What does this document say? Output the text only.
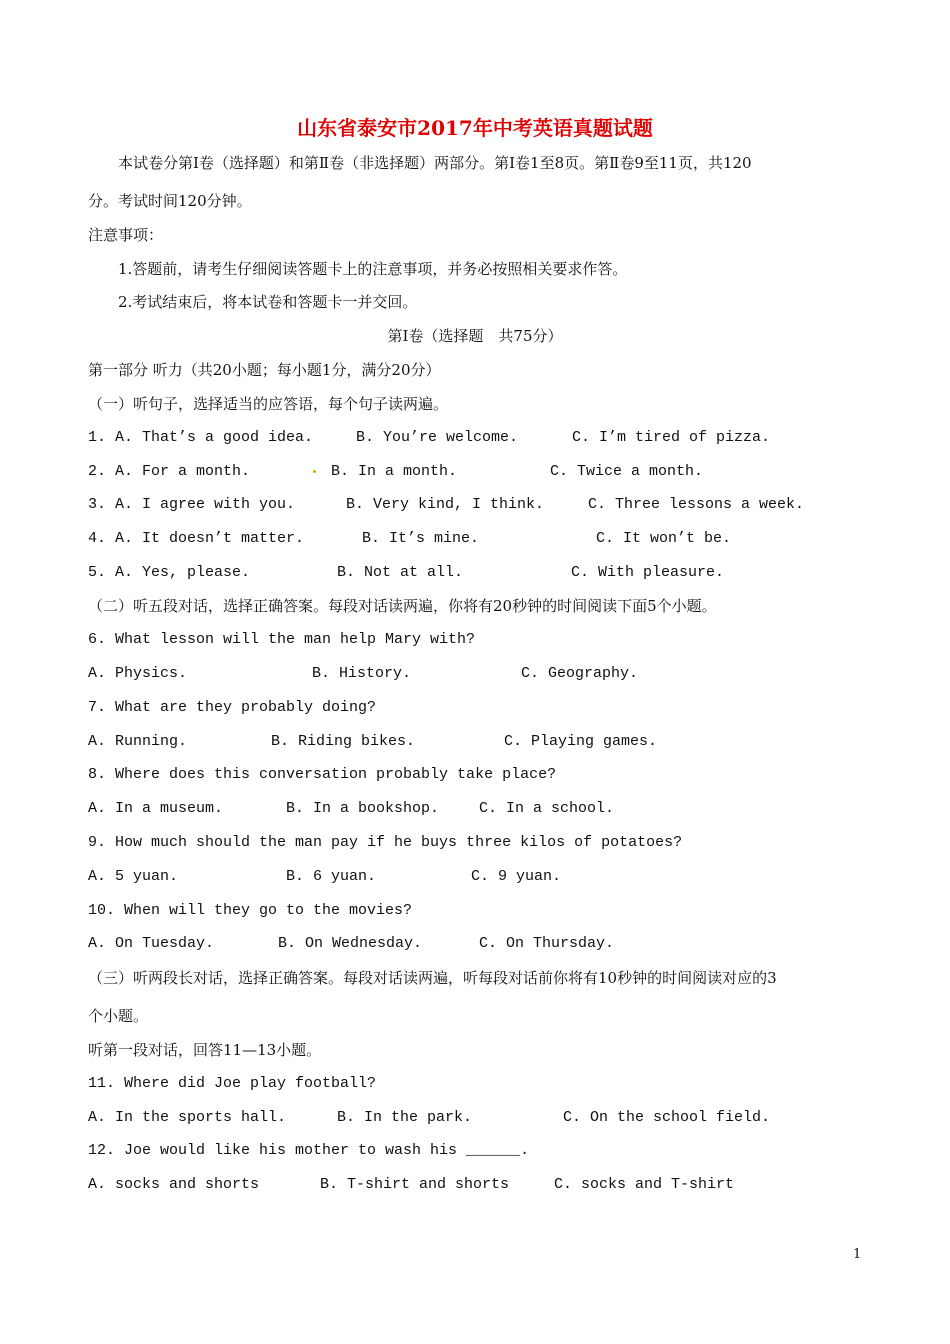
山东省泰安市2017年中考英语真题试题
本试卷分第Ⅰ卷（选择题）和第Ⅱ卷（非选择题）两部分。第Ⅰ卷1至8页。第Ⅱ卷9至11页，共120
分。考试时间120分钟。
注意事项：
1.答题前，请考生仔细阅读答题卡上的注意事项，并务必按照相关要求作答。
2.考试结束后，将本试卷和答题卡一并交回。
第Ⅰ卷（选择题　共75分）
第一部分 听力（共20小题；每小题1分，满分20分）
（一）听句子，选择适当的应答语，每个句子读两遍。
1. A. That’s a good idea.	B. You’re welcome.	C. I’m tired of pizza.
2. A. For a month.	B. In a month.	C. Twice a month.
3. A. I agree with you.	B. Very kind, I think.	C. Three lessons a week.
4. A. It doesn’t matter.	B. It’s mine.	C. It won’t be.
5. A. Yes, please.	B. Not at all.	C. With pleasure.
（二）听五段对话，选择正确答案。每段对话读两遍，你将有20秒钟的时间阅读下面5个小题。
6. What lesson will the man help Mary with?
A. Physics.	B. History.	C. Geography.
7. What are they probably doing?
A. Running.	B. Riding bikes.	C. Playing games.
8. Where does this conversation probably take place?
A. In a museum.	B. In a bookshop.	C. In a school.
9. How much should the man pay if he buys three kilos of potatoes?
A. 5 yuan.	B. 6 yuan.	C. 9 yuan.
10. When will they go to the movies?
A. On Tuesday.	B. On Wednesday.	C. On Thursday.
（三）听两段长对话，选择正确答案。每段对话读两遍，听每段对话前你将有10秒钟的时间阅读对应的3
个小题。
听第一段对话，回答11—13小题。
11. Where did Joe play football?
A. In the sports hall.	B. In the park.	C. On the school field.
12. Joe would like his mother to wash his ______.
A. socks and shorts	B. T-shirt and shorts	C. socks and T-shirt
1
